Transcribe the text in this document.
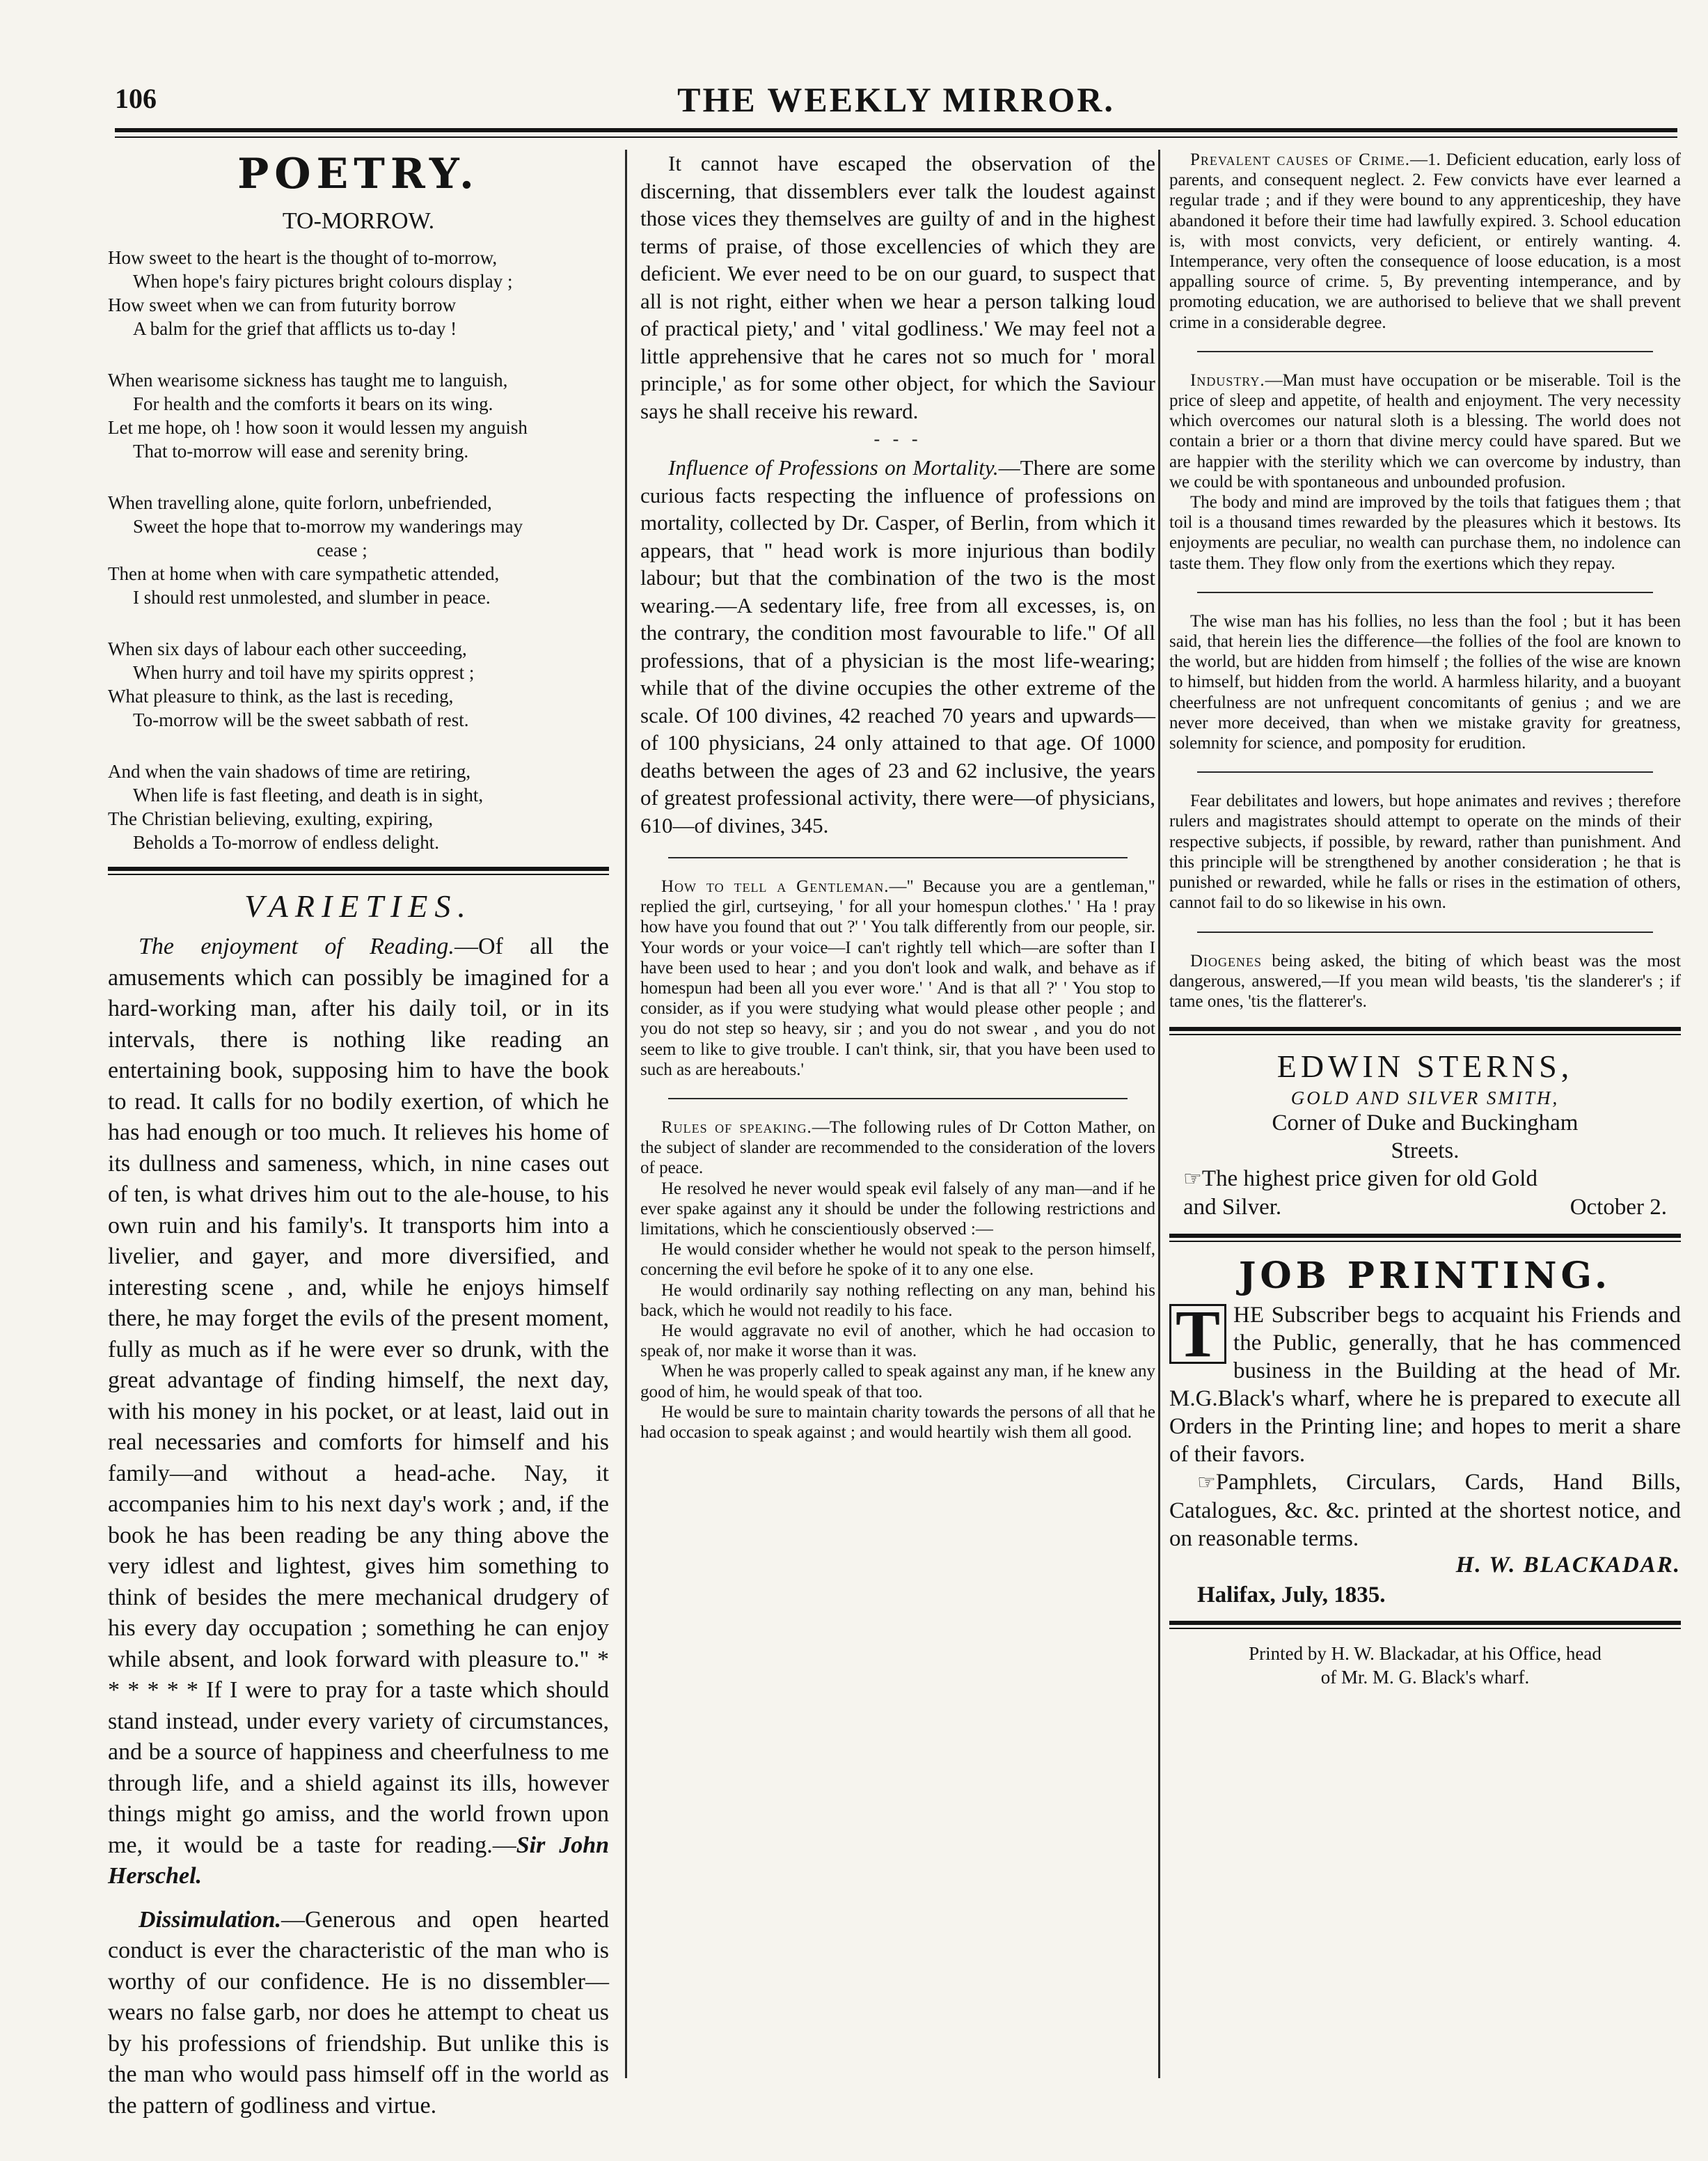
106	THE WEEKLY MIRROR.
POETRY.
TO-MORROW.
How sweet to the heart is the thought of to-morrow,
When hope's fairy pictures bright colours display ;
How sweet when we can from futurity borrow
A balm for the grief that afflicts us to-day !
When wearisome sickness has taught me to languish,
For health and the comforts it bears on its wing.
Let me hope, oh ! how soon it would lessen my anguish
That to-morrow will ease and serenity bring.
When travelling alone, quite forlorn, unbefriended,
Sweet the hope that to-morrow my wanderings may
cease ;
Then at home when with care sympathetic attended,
I should rest unmolested, and slumber in peace.
When six days of labour each other succeeding,
When hurry and toil have my spirits opprest ;
What pleasure to think, as the last is receding,
To-morrow will be the sweet sabbath of rest.
And when the vain shadows of time are retiring,
When life is fast fleeting, and death is in sight,
The Christian believing, exulting, expiring,
Beholds a To-morrow of endless delight.
VARIETIES.

The enjoyment of Reading.—Of all the amusements which can possibly be imagined for a hard-working man, after his daily toil, or in its intervals, there is nothing like reading an entertaining book, supposing him to have the book to read. It calls for no bodily exertion, of which he has had enough or too much. It relieves his home of its dullness and sameness, which, in nine cases out of ten, is what drives him out to the ale-house, to his own ruin and his family's. It transports him into a livelier, and gayer, and more diversified, and interesting scene , and, while he enjoys himself there, he may forget the evils of the present moment, fully as much as if he were ever so drunk, with the great advantage of finding himself, the next day, with his money in his pocket, or at least, laid out in real necessaries and comforts for himself and his family—and without a head-ache. Nay, it accompanies him to his next day's work ; and, if the book he has been reading be any thing above the very idlest and lightest, gives him something to think of besides the mere mechanical drudgery of his every day occupation ; something he can enjoy while absent, and look forward with pleasure to." * * * * * * If I were to pray for a taste which should stand instead, under every variety of circumstances, and be a source of happiness and cheerfulness to me through life, and a shield against its ills, however things might go amiss, and the world frown upon me, it would be a taste for reading.—Sir John Herschel.

Dissimulation.—Generous and open hearted conduct is ever the characteristic of the man who is worthy of our confidence. He is no dissembler—wears no false garb, nor does he attempt to cheat us by his professions of friendship. But unlike this is the man who would pass himself off in the world as the pattern of godliness and virtue.

It cannot have escaped the observation of the discerning, that dissemblers ever talk the loudest against those vices they themselves are guilty of and in the highest terms of praise, of those excellencies of which they are deficient. We ever need to be on our guard, to suspect that all is not right, either when we hear a person talking loud of practical piety,' and ' vital godliness.' We may feel not a little apprehensive that he cares not so much for ' moral principle,' as for some other object, for which the Saviour says he shall receive his reward.

- - -

Influence of Professions on Mortality.—There are some curious facts respecting the influence of professions on mortality, collected by Dr. Casper, of Berlin, from which it appears, that " head work is more injurious than bodily labour; but that the combination of the two is the most wearing.—A sedentary life, free from all excesses, is, on the contrary, the condition most favourable to life." Of all professions, that of a physician is the most life-wearing; while that of the divine occupies the other extreme of the scale. Of 100 divines, 42 reached 70 years and upwards—of 100 physicians, 24 only attained to that age. Of 1000 deaths between the ages of 23 and 62 inclusive, the years of greatest professional activity, there were—of physicians, 610—of divines, 345.

How to tell a Gentleman.—" Because you are a gentleman," replied the girl, curtseying, ' for all your homespun clothes.' ' Ha ! pray how have you found that out ?' ' You talk differently from our people, sir. Your words or your voice—I can't rightly tell which—are softer than I have been used to hear ; and you don't look and walk, and behave as if homespun had been all you ever wore.' ' And is that all ?' ' You stop to consider, as if you were studying what would please other people ; and you do not step so heavy, sir ; and you do not swear , and you do not seem to like to give trouble. I can't think, sir, that you have been used to such as are hereabouts.'

Rules of speaking.—The following rules of Dr Cotton Mather, on the subject of slander are recommended to the consideration of the lovers of peace.

He resolved he never would speak evil falsely of any man—and if he ever spake against any it should be under the following restrictions and limitations, which he conscientiously observed :—

He would consider whether he would not speak to the person himself, concerning the evil before he spoke of it to any one else.

He would ordinarily say nothing reflecting on any man, behind his back, which he would not readily to his face.

He would aggravate no evil of another, which he had occasion to speak of, nor make it worse than it was.

When he was properly called to speak against any man, if he knew any good of him, he would speak of that too.

He would be sure to maintain charity towards the persons of all that he had occasion to speak against ; and would heartily wish them all good.

Prevalent causes of Crime.—1. Deficient education, early loss of parents, and consequent neglect. 2. Few convicts have ever learned a regular trade ; and if they were bound to any apprenticeship, they have abandoned it before their time had lawfully expired. 3. School education is, with most convicts, very deficient, or entirely wanting. 4. Intemperance, very often the consequence of loose education, is a most appalling source of crime. 5, By preventing intemperance, and by promoting education, we are authorised to believe that we shall prevent crime in a considerable degree.

Industry.—Man must have occupation or be miserable. Toil is the price of sleep and appetite, of health and enjoyment. The very necessity which overcomes our natural sloth is a blessing. The world does not contain a brier or a thorn that divine mercy could have spared. But we are happier with the sterility which we can overcome by industry, than we could be with spontaneous and unbounded profusion.

The body and mind are improved by the toils that fatigues them ; that toil is a thousand times rewarded by the pleasures which it bestows. Its enjoyments are peculiar, no wealth can purchase them, no indolence can taste them. They flow only from the exertions which they repay.

The wise man has his follies, no less than the fool ; but it has been said, that herein lies the difference—the follies of the fool are known to the world, but are hidden from himself ; the follies of the wise are known to himself, but hidden from the world. A harmless hilarity, and a buoyant cheerfulness are not unfrequent concomitants of genius ; and we are never more deceived, than when we mistake gravity for greatness, solemnity for science, and pomposity for erudition.

Fear debilitates and lowers, but hope animates and revives ; therefore rulers and magistrates should attempt to operate on the minds of their respective subjects, if possible, by reward, rather than punishment. And this principle will be strengthened by another consideration ; he that is punished or rewarded, while he falls or rises in the estimation of others, cannot fail to do so likewise in his own.

Diogenes being asked, the biting of which beast was the most dangerous, answered,—If you mean wild beasts, 'tis the slanderer's ; if tame ones, 'tis the flatterer's.

EDWIN STERNS,
GOLD AND SILVER SMITH,
Corner of Duke and Buckingham
Streets.
☞The highest price given for old Gold
and Silver.	October 2.
JOB PRINTING.

T HE Subscriber begs to acquaint his Friends and the Public, generally, that he has commenced business in the Building at the head of Mr. M.G.Black's wharf, where he is prepared to execute all Orders in the Printing line; and hopes to merit a share of their favors.

☞Pamphlets, Circulars, Cards, Hand Bills, Catalogues, &c. &c. printed at the shortest notice, and on reasonable terms.

H. W. BLACKADAR.
Halifax, July, 1835.
Printed by H. W. Blackadar, at his Office, head
of Mr. M. G. Black's wharf.
